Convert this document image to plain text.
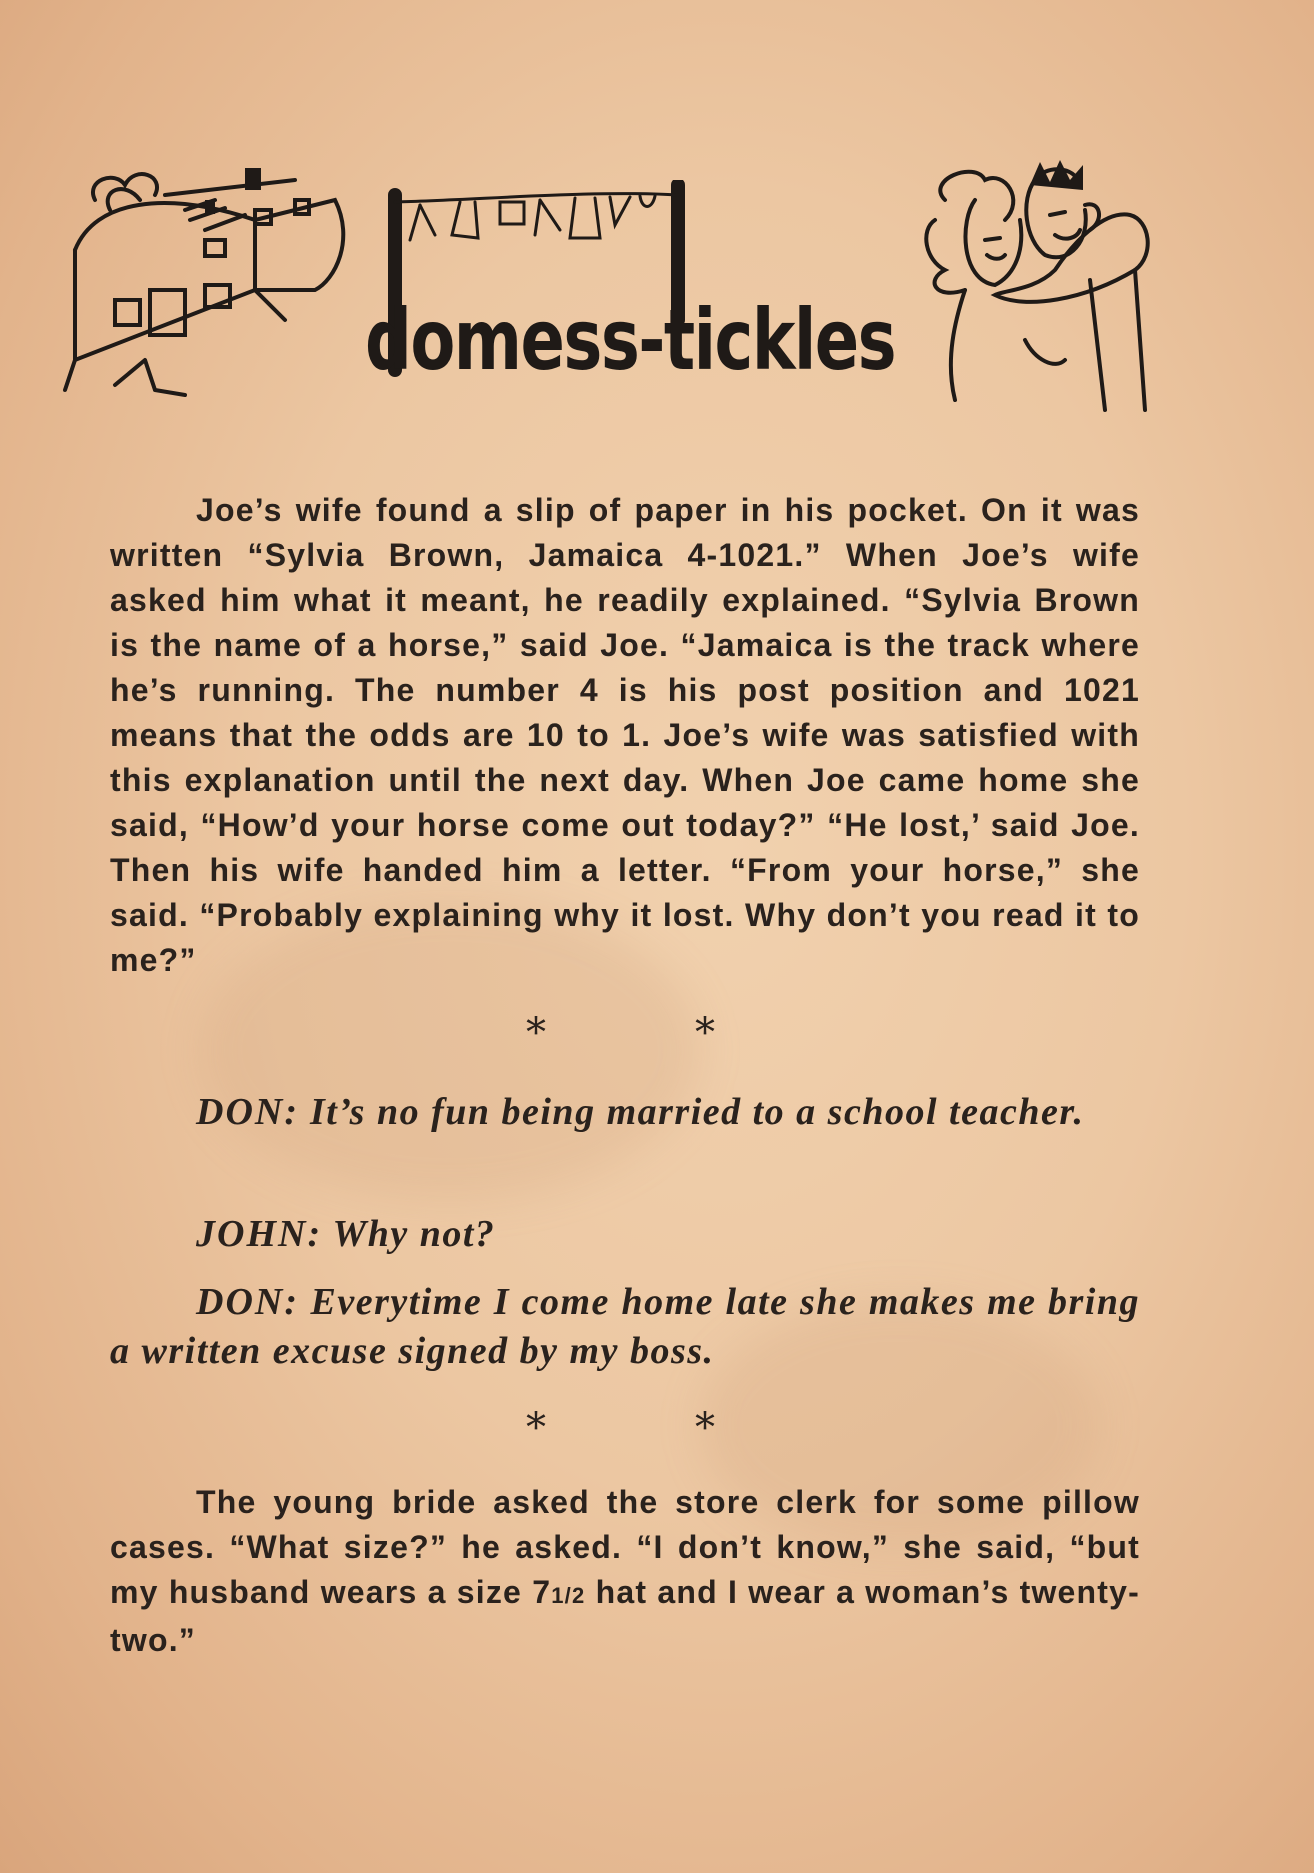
domess-tickles
Joe’s wife found a slip of paper in his pocket. On it was written “Sylvia Brown, Jamaica 4-1021.” When Joe’s wife asked him what it meant, he readily explained. “Sylvia Brown is the name of a horse,” said Joe. “Jamaica is the track where he’s running. The number 4 is his post position and 1021 means that the odds are 10 to 1. Joe’s wife was satisfied with this explanation until the next day. When Joe came home she said, “How’d your horse come out today?” “He lost,’ said Joe. Then his wife handed him a letter. “From your horse,” she said. “Probably explaining why it lost. Why don’t you read it to me?”
*	*
DON: It’s no fun being married to a school teacher.
JOHN: Why not?
DON: Everytime I come home late she makes me bring a written excuse signed by my boss.
*	*
The young bride asked the store clerk for some pillow cases. “What size?” he asked. “I don’t know,” she said, “but my husband wears a size 71/2 hat and I wear a woman’s twenty-two.”
